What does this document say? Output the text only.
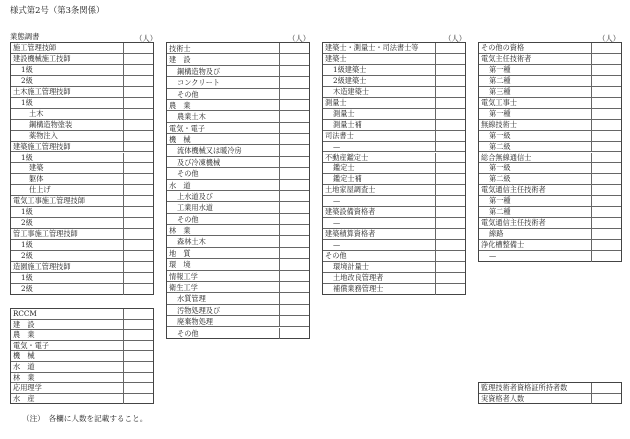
様式第2号（第3条関係）
業態調書	（人）	（人）	（人）	（人）
施工管理技師
建設機械施工技師
1級
2級
土木施工管理技師
1級
土木
鋼構造物塗装
薬物注入
建築施工管理技師
1級
建築
躯体
仕上げ
電気工事施工管理技師
1級
2級
管工事施工管理技師
1級
2級
造園施工管理技師
1級
2級
RCCM
建　設
農　業
電気・電子
機　械
水　道
林　業
応用理学
水　産
技術士
建　設
鋼構造物及び
コンクリート
その他
農　業
農業土木
電気・電子
機　械
流体機械又は暖冷房
及び冷凍機械
その他
水　道
上水道及び
工業用水道
その他
林　業
森林土木
地　質
環　境
情報工学
衛生工学
水質管理
汚物処理及び
廃棄物処理
その他
建築士・測量士・司法書士等
建築士
1級建築士
2級建築士
木造建築士
測量士
測量士
測量士補
司法書士
—
不動産鑑定士
鑑定士
鑑定士補
土地家屋調査士
—
建築設備資格者
—
建築積算資格者
—
その他
環境計量士
土地改良管理者
補償業務管理士
その他の資格
電気主任技術者
第一種
第二種
第三種
電気工事士
第一種
無線技術士
第一級
第二級
総合無線通信士
第一級
第二級
電気通信主任技術者
第一種
第二種
電気通信主任技術者
線路
浄化槽整備士
—
監理技術者資格証所持者数
実資格者人数
（注）　各欄に人数を記載すること。
